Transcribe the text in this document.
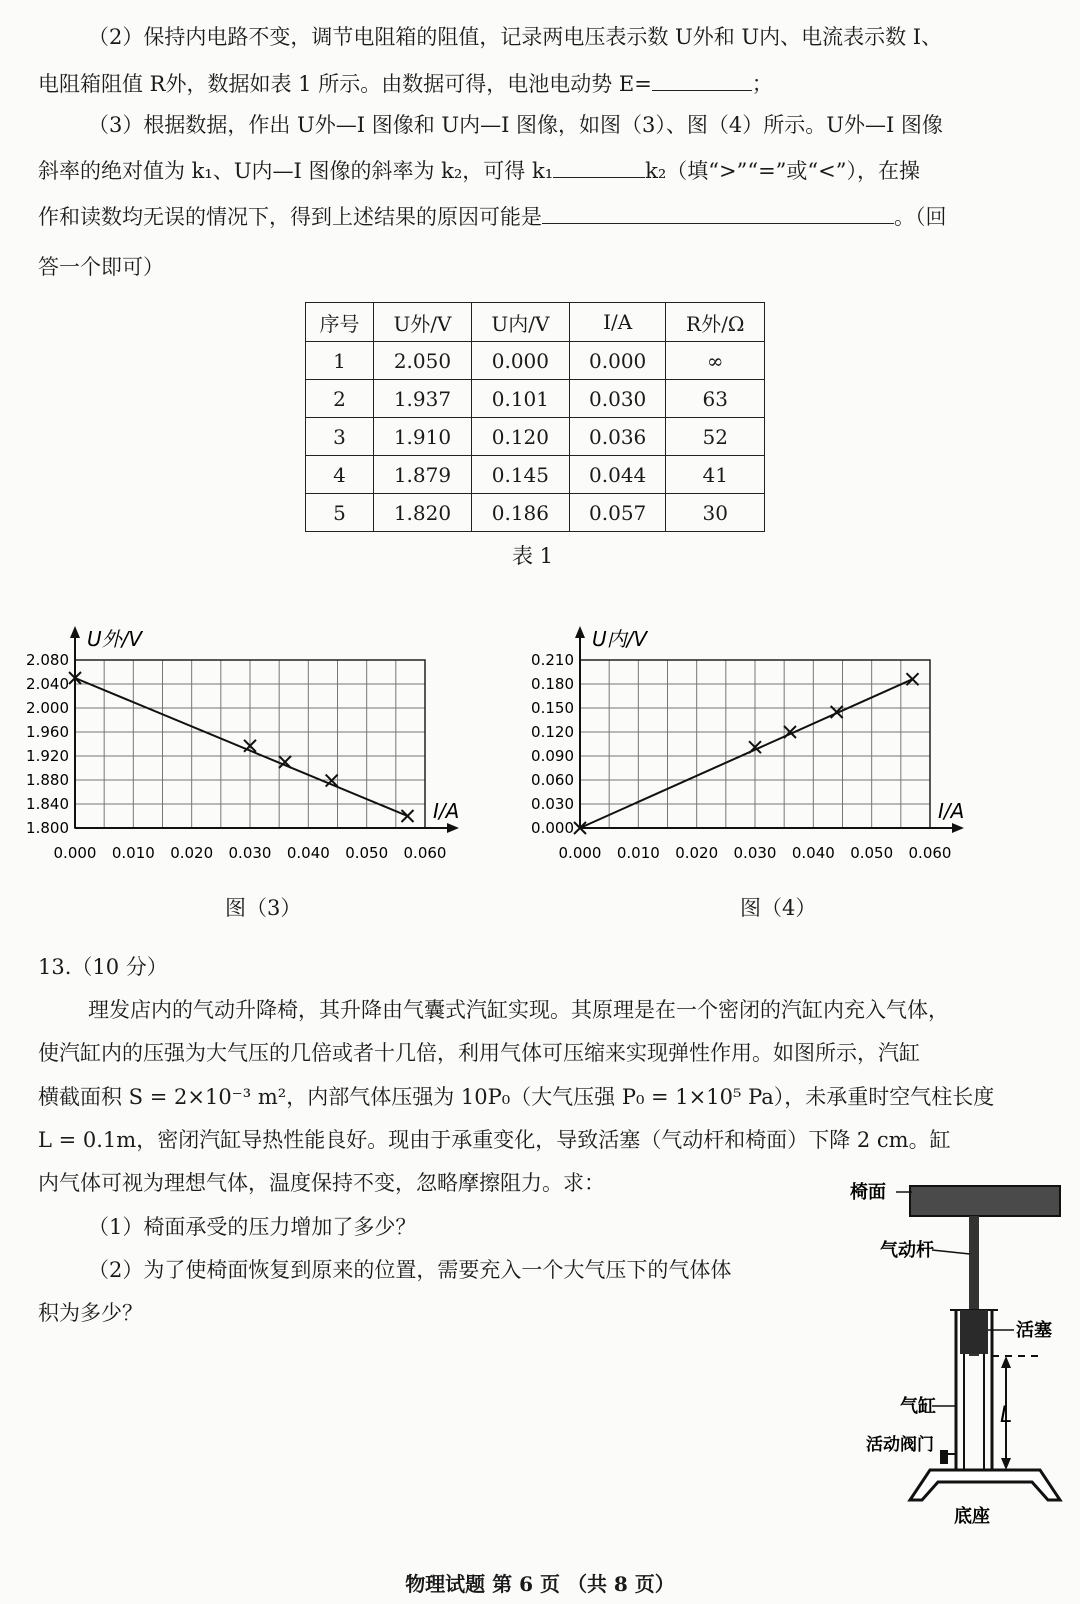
（2）保持内电路不变，调节电阻箱的阻值，记录两电压表示数 U外和 U内、电流表示数 I、
电阻箱阻值 R外，数据如表 1 所示。由数据可得，电池电动势 E=	；
（3）根据数据，作出 U外—I 图像和 U内—I 图像，如图（3）、图（4）所示。U外—I 图像
斜率的绝对值为 k₁、U内—I 图像的斜率为 k₂，可得 k₁	k₂（填“>”“=”或“<”），在操
作和读数均无误的情况下，得到上述结果的原因可能是	。（回
答一个即可）
序号	U外/V	U内/V	I/A	R外/Ω
1	2.050	0.000	0.000	∞
2	1.937	0.101	0.030	63
3	1.910	0.120	0.036	52
4	1.879	0.145	0.044	41
5	1.820	0.186	0.057	30
表 1
0.000 0.010 0.020 0.030 0.040 0.050 0.060
1.800
1.840
1.880
1.920
1.960
2.000
2.040
2.080
U外/V
I/A
0.000 0.010 0.020 0.030 0.040 0.050 0.060
0.000
0.030
0.060
0.090
0.120
0.150
0.180
0.210
U内/V
I/A
图（3）	图（4）
13.（10 分）
理发店内的气动升降椅，其升降由气囊式汽缸实现。其原理是在一个密闭的汽缸内充入气体，
使汽缸内的压强为大气压的几倍或者十几倍，利用气体可压缩来实现弹性作用。如图所示，汽缸
横截面积 S = 2×10⁻³ m²，内部气体压强为 10P₀（大气压强 P₀ = 1×10⁵ Pa），未承重时空气柱长度
L = 0.1m，密闭汽缸导热性能良好。现由于承重变化，导致活塞（气动杆和椅面）下降 2 cm。缸
内气体可视为理想气体，温度保持不变，忽略摩擦阻力。求：
（1）椅面承受的压力增加了多少？
（2）为了使椅面恢复到原来的位置，需要充入一个大气压下的气体体
积为多少？
L
椅面
气动杆
活塞
气缸
活动阀门
底座
物理试题 第 6 页 （共 8 页）
